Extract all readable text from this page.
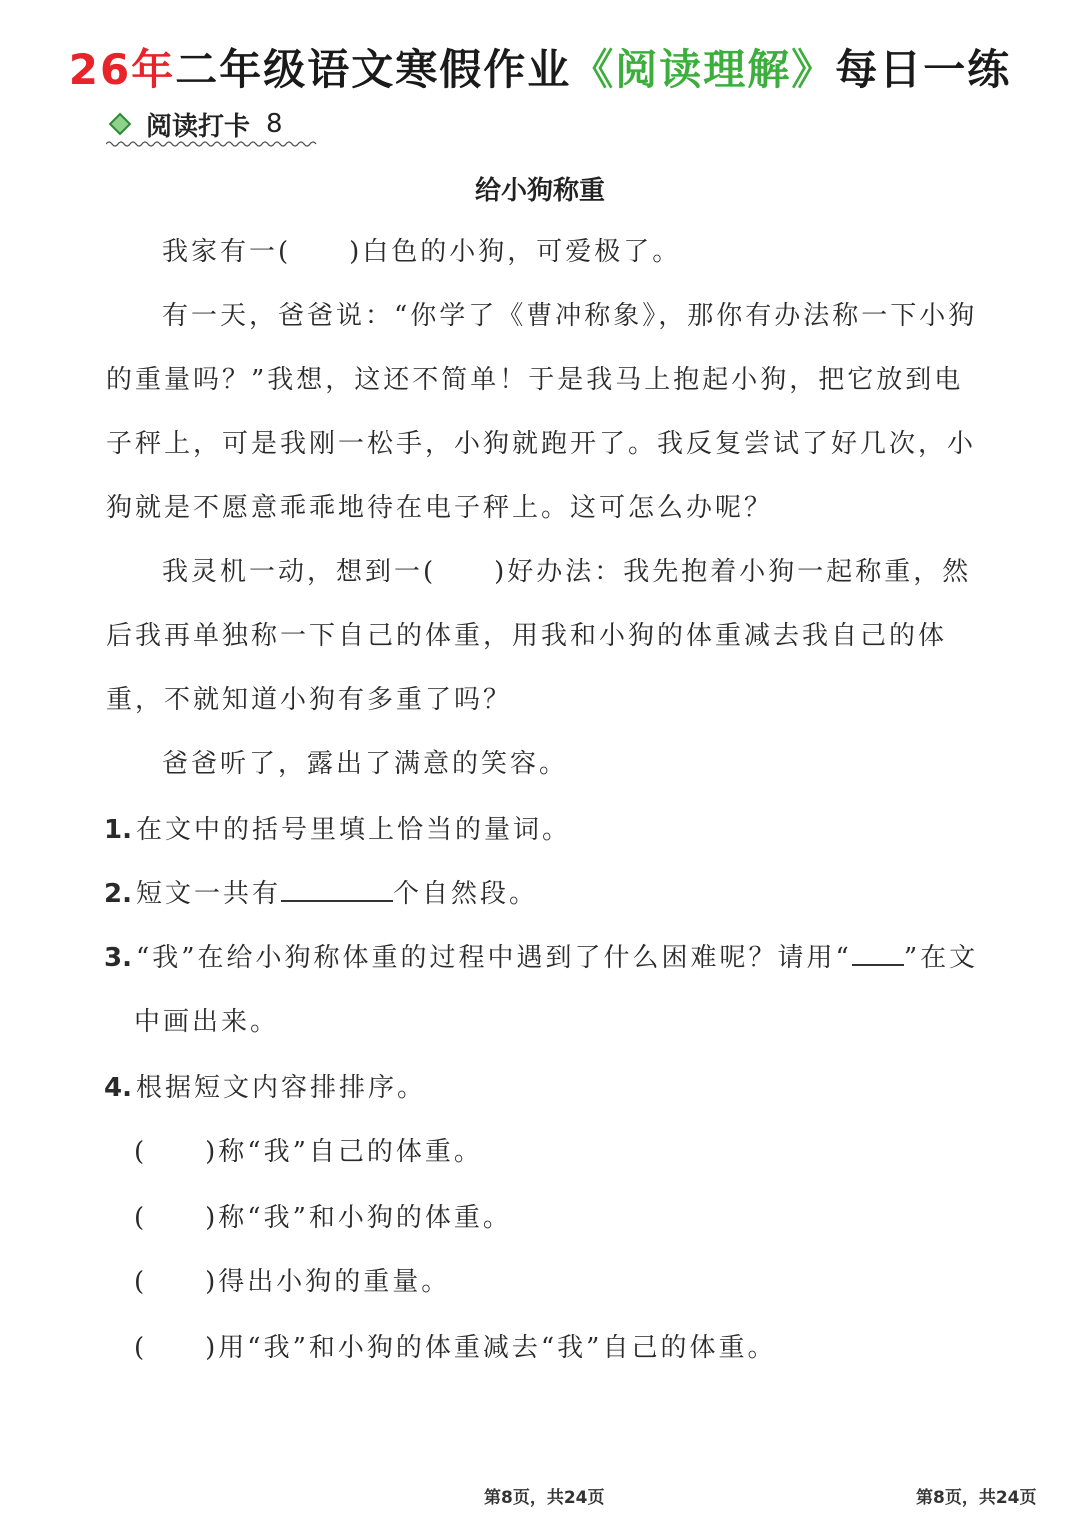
26年二年级语文寒假作业《阅读理解》每日一练
阅读打卡 8
给小狗称重
我家有一(　　)白色的小狗，可爱极了。
有一天，爸爸说：“你学了《曹冲称象》，那你有办法称一下小狗的重量吗？”我想，这还不简单！于是我马上抱起小狗，把它放到电子秤上，可是我刚一松手，小狗就跑开了。我反复尝试了好几次，小狗就是不愿意乖乖地待在电子秤上。这可怎么办呢？
我灵机一动，想到一(　　)好办法：我先抱着小狗一起称重，然后我再单独称一下自己的体重，用我和小狗的体重减去我自己的体重，不就知道小狗有多重了吗？
爸爸听了，露出了满意的笑容。
1. 在文中的括号里填上恰当的量词。
2. 短文一共有	个自然段。
3. “我”在给小狗称体重的过程中遇到了什么困难呢？请用“ ”在文中画出来。
4. 根据短文内容排排序。
(　　)称“我”自己的体重。
(　　)称“我”和小狗的体重。
(　　)得出小狗的重量。
(　　)用“我”和小狗的体重减去“我”自己的体重。
第8页，共24页	第8页，共24页
